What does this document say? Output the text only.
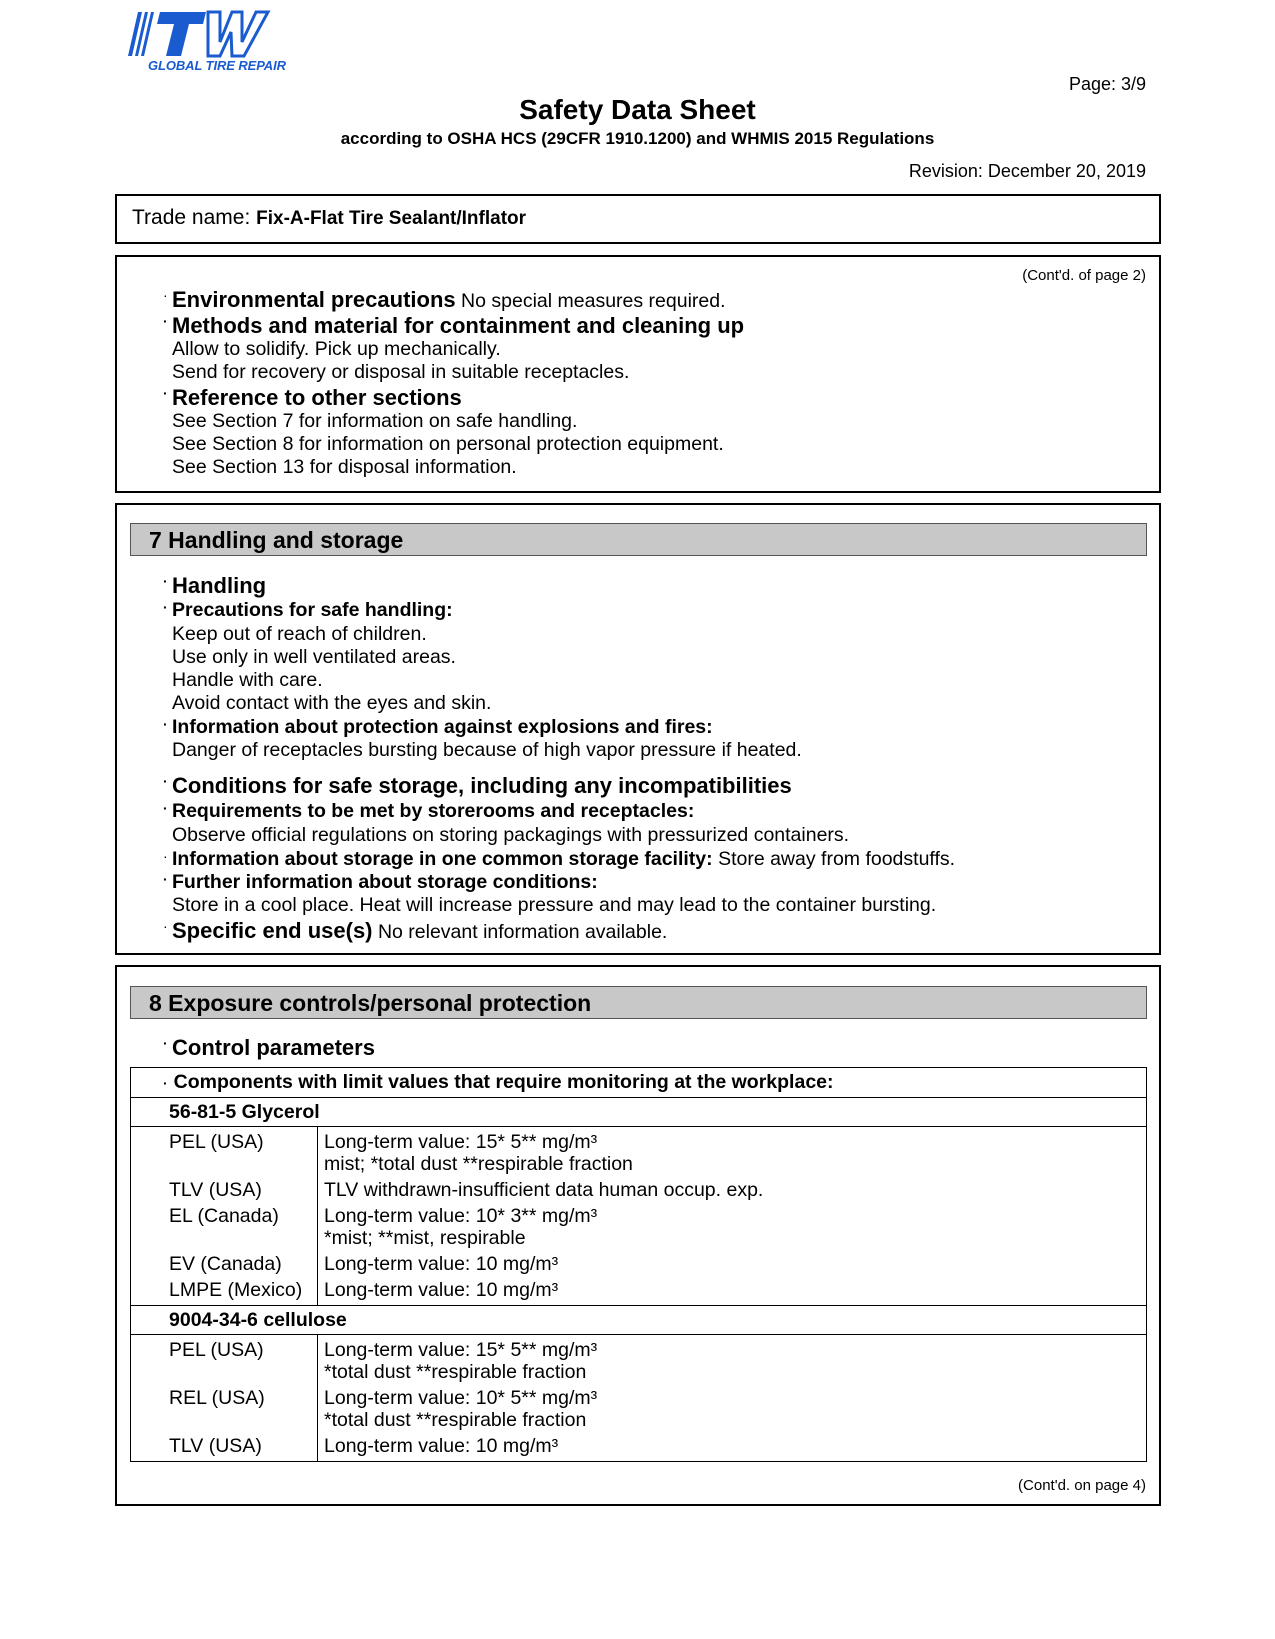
GLOBAL TIRE REPAIR
Page: 3/9
Safety Data Sheet
according to OSHA HCS (29CFR 1910.1200) and WHMIS 2015 Regulations
Revision: December 20, 2019
Trade name: Fix-A-Flat Tire Sealant/Inflator
(Cont'd. of page 2)
· Environmental precautions No special measures required.
· Methods and material for containment and cleaning up
Allow to solidify. Pick up mechanically.
Send for recovery or disposal in suitable receptacles.
· Reference to other sections
See Section 7 for information on safe handling.
See Section 8 for information on personal protection equipment.
See Section 13 for disposal information.
7 Handling and storage
· Handling
· Precautions for safe handling:
Keep out of reach of children.
Use only in well ventilated areas.
Handle with care.
Avoid contact with the eyes and skin.
· Information about protection against explosions and fires:
Danger of receptacles bursting because of high vapor pressure if heated.
· Conditions for safe storage, including any incompatibilities
· Requirements to be met by storerooms and receptacles:
Observe official regulations on storing packagings with pressurized containers.
· Information about storage in one common storage facility: Store away from foodstuffs.
· Further information about storage conditions:
Store in a cool place. Heat will increase pressure and may lead to the container bursting.
· Specific end use(s) No relevant information available.
8 Exposure controls/personal protection
· Control parameters
· Components with limit values that require monitoring at the workplace:	
56-81-5 Glycerol	
PEL (USA)	Long-term value: 15* 5** mg/m³
mist; *total dust **respirable fraction

TLV (USA)	TLV withdrawn-insufficient data human occup. exp.

EL (Canada)	Long-term value: 10* 3** mg/m³
*mist; **mist, respirable

EV (Canada)	Long-term value: 10 mg/m³

LMPE (Mexico)	Long-term value: 10 mg/m³

9004-34-6 cellulose	
PEL (USA)	Long-term value: 15* 5** mg/m³
*total dust **respirable fraction

REL (USA)	Long-term value: 10* 5** mg/m³
*total dust **respirable fraction

TLV (USA)	Long-term value: 10 mg/m³
(Cont'd. on page 4)
